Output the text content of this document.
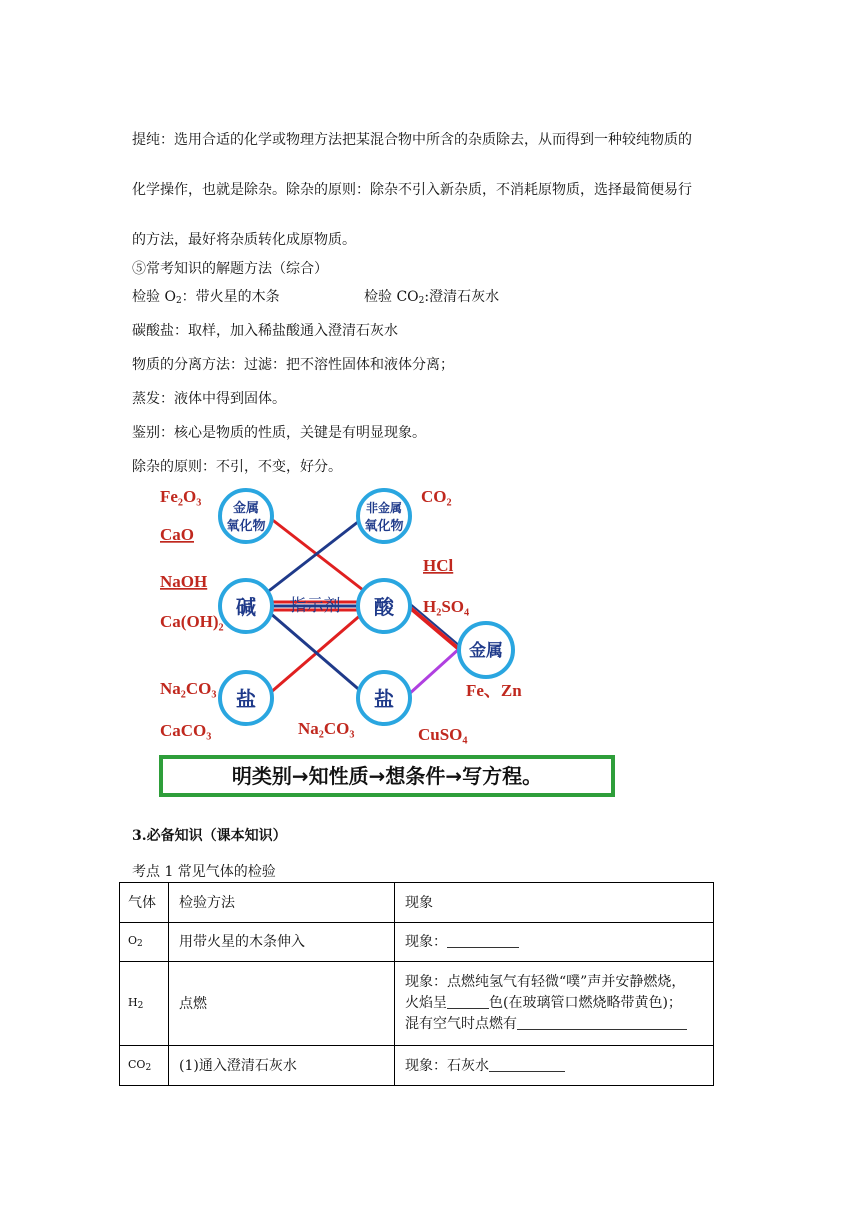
提纯：选用合适的化学或物理方法把某混合物中所含的杂质除去，从而得到一种较纯物质的
化学操作，也就是除杂。除杂的原则：除杂不引入新杂质，不消耗原物质，选择最简便易行
的方法，最好将杂质转化成原物质。
⑤常考知识的解题方法（综合）
检验 $O_2$：带火星的木条	检验 $CO_2$:澄清石灰水
碳酸盐：取样，加入稀盐酸通入澄清石灰水
物质的分离方法：过滤：把不溶性固体和液体分离；
蒸发：液体中得到固体。
鉴别：核心是物质的性质，关键是有明显现象。
除杂的原则：不引，不变，好分。
金属
氧化物
非金属
氧化物
碱	酸
盐	盐
金属
指示剂
Fe₂O₃
CaO
NaOH
Ca(OH)₂
Na₂CO₃
CaCO₃
CO₂
HCl
H₂SO₄
Fe、Zn
Na₂CO₃	CuSO₄
明类别→知性质→想条件→写方程。
3.必备知识（课本知识）
考点 1 常见气体的检验
气体	检验方法	现象
$O_2$	用带火星的木条伸入	现象：
$H_2$	点燃	现象：点燃纯氢气有轻微“噗”声并安静燃烧，
火焰呈 色(在玻璃管口燃烧略带黄色)；
混有空气时点燃有

$CO_2$	(1)通入澄清石灰水	现象：石灰水
